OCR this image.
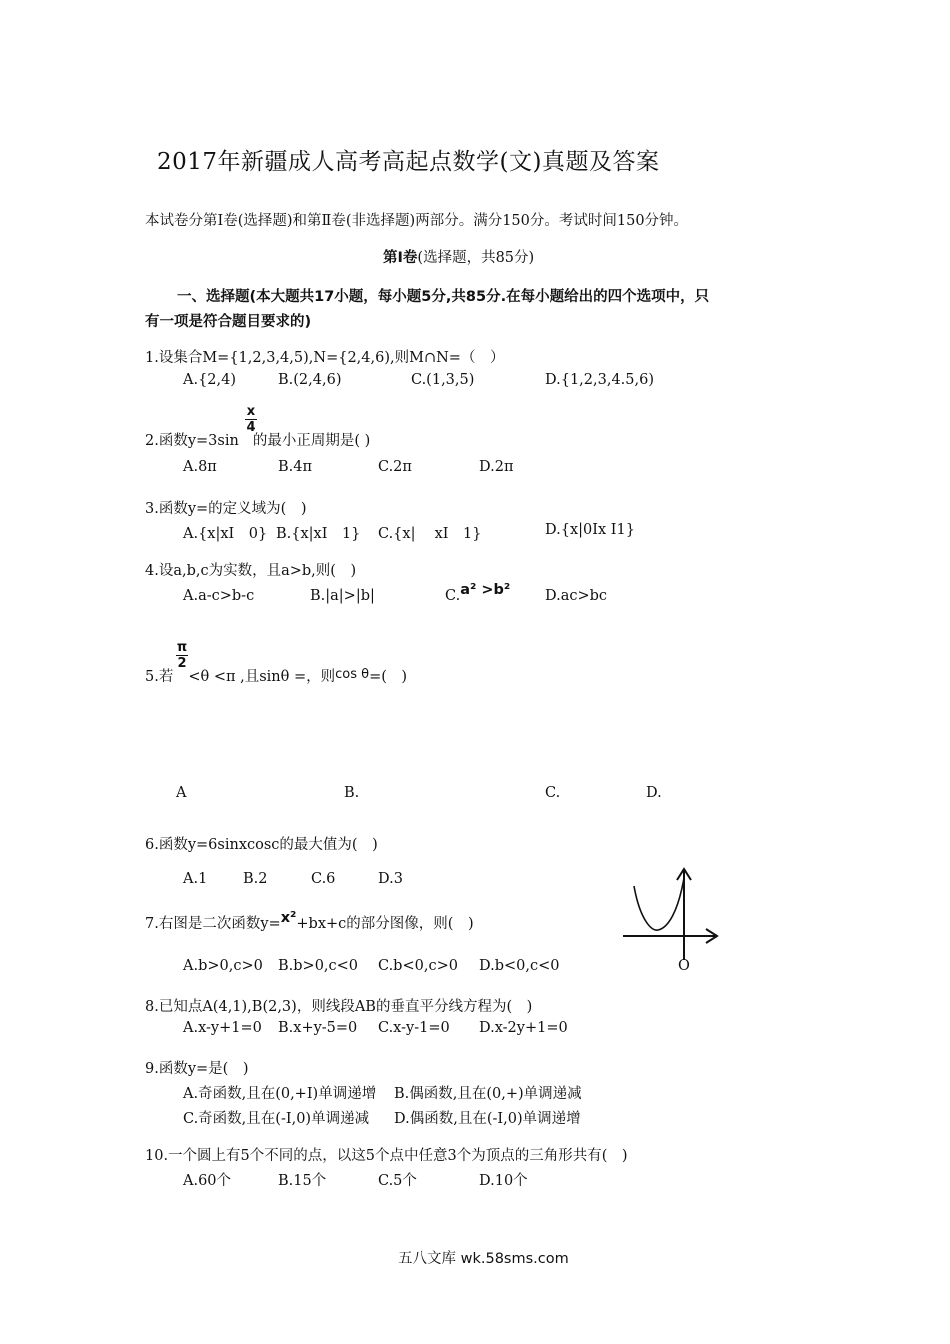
2017年新疆成人高考高起点数学(文)真题及答案
本试卷分第Ⅰ卷(选择题)和第Ⅱ卷(非选择题)两部分。满分150分。考试时间150分钟。
第Ⅰ卷(选择题，共85分)
一、选择题(本大题共17小题，每小题5分,共85分.在每小题给出的四个选项中，只
有一项是符合题目要求的)
1.设集合M={1,2,3,4,5),N={2,4,6),则M∩N=（　）
A.{2,4)	B.(2,4,6)	C.(1,3,5)	D.{1,2,3,4.5,6)
2.函数y=3sin 的最小正周期是( )
x
4
A.8π	B.4π	C.2π	D.2π
3.函数y=的定义域为(　)
A.{x|xⅠ　0} B.{x|xⅠ　1} C.{x|　 xⅠ　1}	D.{x|0Ⅰx Ⅰ1}
4.设a,b,c为实数，且a>b,则(　)
A.a-c>b-c	B.|a|>|b|	C.a² >b² D.ac>bc
π
2
5.若 <θ <π ,且sinθ =，则cos θ=(　)
A	B.	C.	D.
6.函数y=6sinxcosc的最大值为(　)
A.1 B.2	C.6	D.3
7.右图是二次函数y=x²+bx+c的部分图像，则(　)
A.b>0,c>0 B.b>0,c<0 C.b<0,c>0 D.b<0,c<0	O
8.已知点A(4,1),B(2,3)，则线段AB的垂直平分线方程为(　)
A.x-y+1=0 B.x+y-5=0 C.x-y-1=0 D.x-2y+1=0
9.函数y=是(　)
A.奇函数,且在(0,+Ⅰ)单调递增 B.偶函数,且在(0,+)单调递减
C.奇函数,且在(-Ⅰ,0)单调递减 D.偶函数,且在(-Ⅰ,0)单调递增
10.一个圆上有5个不同的点，以这5个点中任意3个为顶点的三角形共有(　)
A.60个	B.15个	C.5个	D.10个
五八文库 wk.58sms.com
